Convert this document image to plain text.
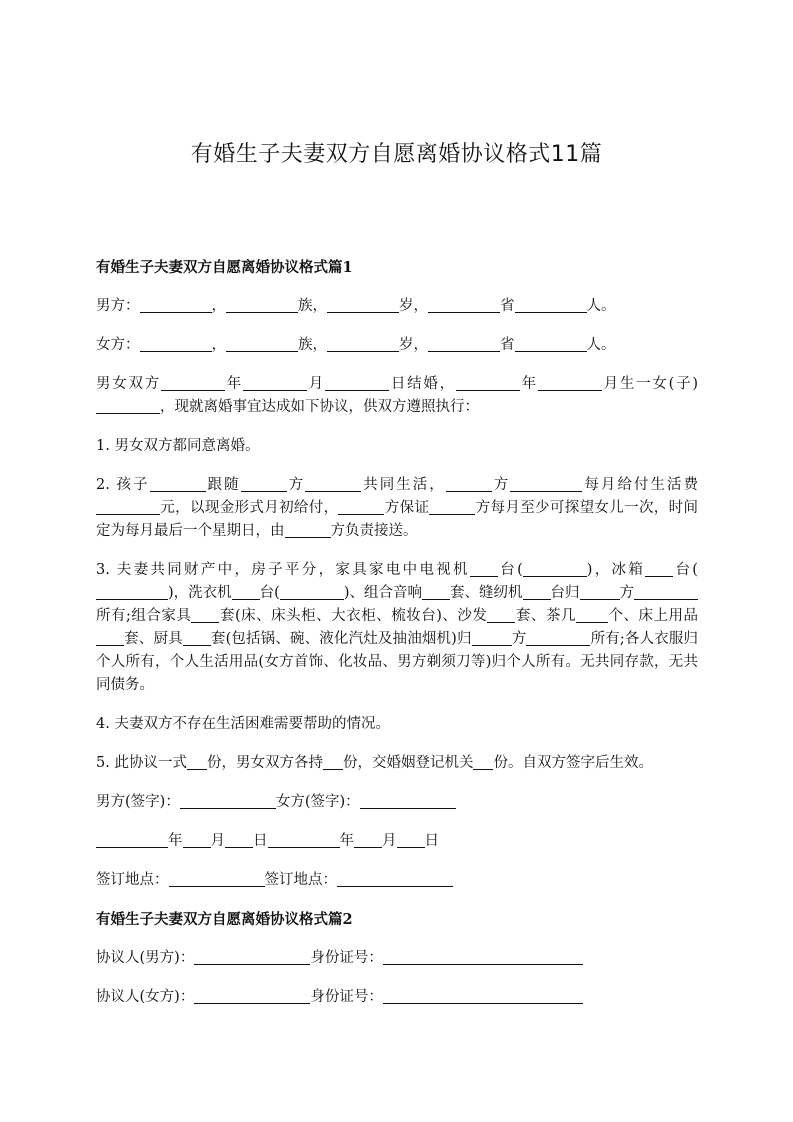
有婚生子夫妻双方自愿离婚协议格式11篇
有婚生子夫妻双方自愿离婚协议格式篇1
男方：	，	族，	岁，	省	人。
女方：	，	族，	岁，	省	人。
男女双方	年	月	日结婚，	年	月生一女(子)，现就离婚事宜达成如下协议，供双方遵照执行：
1. 男女双方都同意离婚。
2. 孩子	跟随	方	共同生活，	方	每月给付生活费元，以现金形式月初给付，	方保证	方每月至少可探望女儿一次，时间定为每月最后一个星期日，由	方负责接送。
3. 夫妻共同财产中，房子平分，家具家电中电视机 台(	)，冰箱 台()，洗衣机 台(	)、组合音响 套、缝纫机 台归	方所有;组合家具 套(床、床头柜、大衣柜、梳妆台)、沙发 套、茶几 个、床上用品套、厨具 套(包括锅、碗、液化汽灶及抽油烟机)归	方	所有;各人衣服归个人所有，个人生活用品(女方首饰、化妆品、男方剃须刀等)归个人所有。无共同存款，无共同债务。
4. 夫妻双方不存在生活困难需要帮助的情况。
5. 此协议一式 份，男女双方各持 份，交婚姻登记机关 份。自双方签字后生效。
男方(签字)：	女方(签字)：
年 月 日	年 月 日
签订地点：	签订地点：
有婚生子夫妻双方自愿离婚协议格式篇2
协议人(男方)：	身份证号：
协议人(女方)：	身份证号：
